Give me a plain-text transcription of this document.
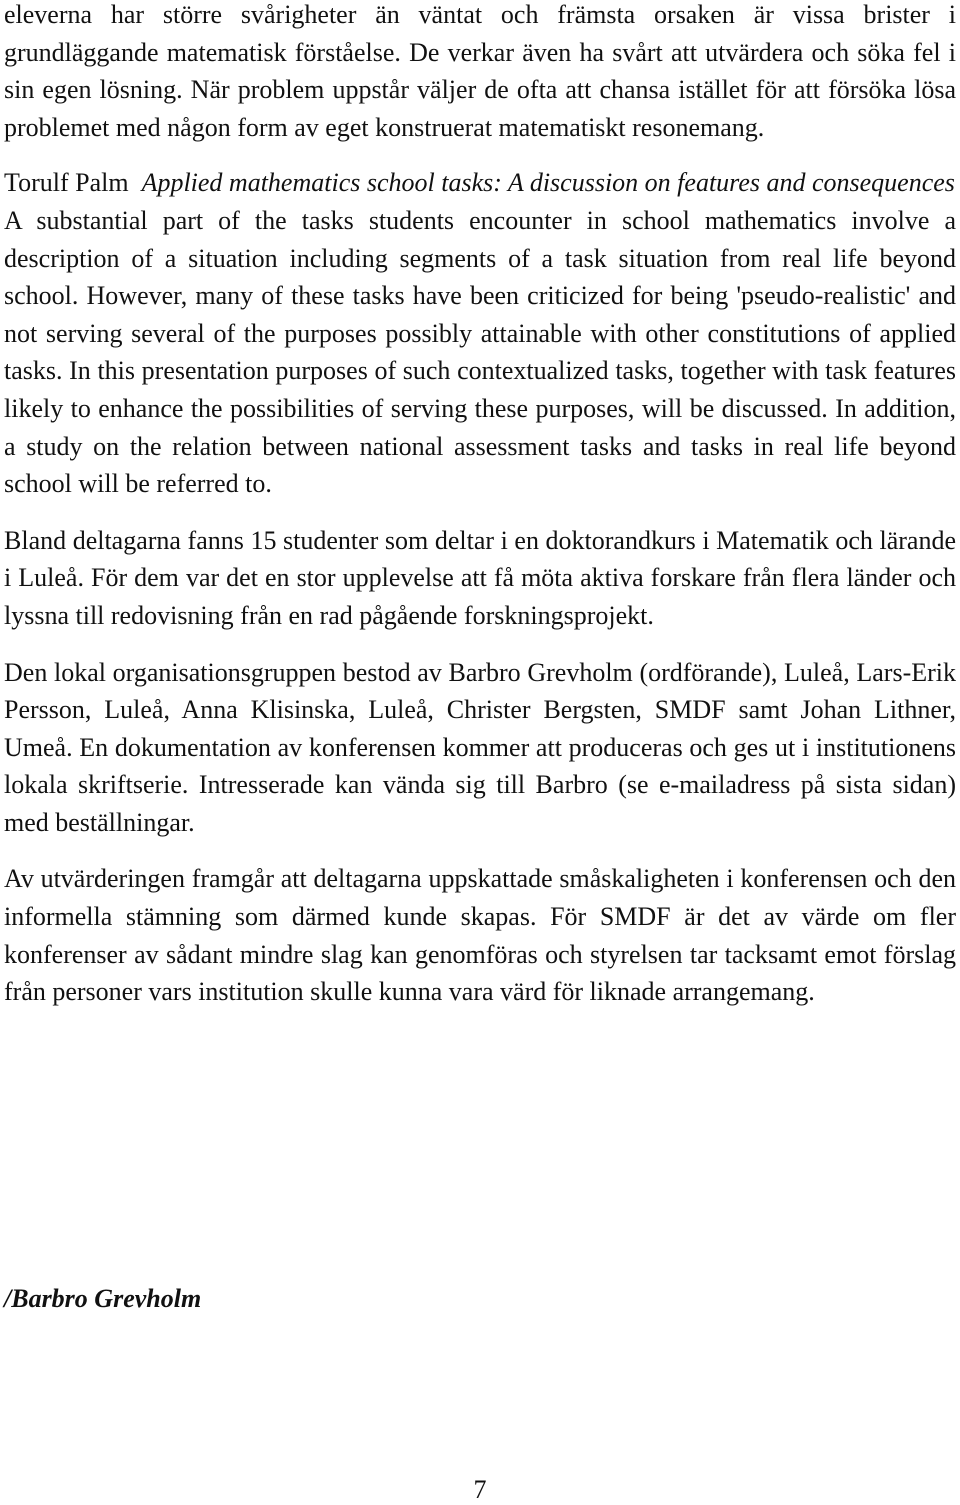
eleverna har större svårigheter än väntat och främsta orsaken är vissa brister i grundläggande matematisk förståelse. De verkar även ha svårt att utvärdera och söka fel i sin egen lösning. När problem uppstår väljer de ofta att chansa istället för att försöka lösa problemet med någon form av eget konstruerat matematiskt resonemang.

Torulf Palm Applied mathematics school tasks: A discussion on features and consequences

A substantial part of the tasks students encounter in school mathematics involve a description of a situation including segments of a task situation from real life beyond school. However, many of these tasks have been criticized for being 'pseudo-realistic' and not serving several of the purposes possibly attainable with other constitutions of applied tasks. In this presentation purposes of such contextualized tasks, together with task features likely to enhance the possibilities of serving these purposes, will be discussed. In addition, a study on the relation between national assessment tasks and tasks in real life beyond school will be referred to.

Bland deltagarna fanns 15 studenter som deltar i en doktorandkurs i Matematik och lärande i Luleå. För dem var det en stor upplevelse att få möta aktiva forskare från flera länder och lyssna till redovisning från en rad pågående forskningsprojekt.

Den lokal organisationsgruppen bestod av Barbro Grevholm (ordförande), Luleå, Lars-Erik Persson, Luleå, Anna Klisinska, Luleå, Christer Bergsten, SMDF samt Johan Lithner, Umeå. En dokumentation av konferensen kommer att produceras och ges ut i institutionens lokala skriftserie. Intresserade kan vända sig till Barbro (se e-mailadress på sista sidan) med beställningar.

Av utvärderingen framgår att deltagarna uppskattade småskaligheten i konferensen och den informella stämning som därmed kunde skapas. För SMDF är det av värde om fler konferenser av sådant mindre slag kan genomföras och styrelsen tar tacksamt emot förslag från personer vars institution skulle kunna vara värd för liknade arrangemang.

/Barbro Grevholm
7
